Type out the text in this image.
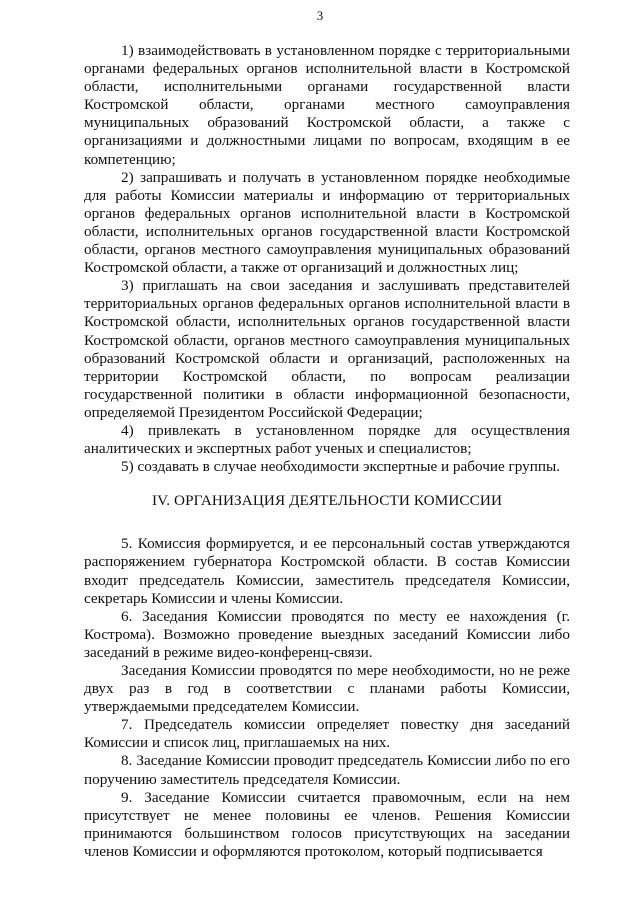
3

1) взаимодействовать в установленном порядке с территориальными органами федеральных органов исполнительной власти в Костромской области, исполнительными органами государственной власти Костромской области, органами местного самоуправления муниципальных образований Костромской области, а также с организациями и должностными лицами по вопросам, входящим в ее компетенцию;

2) запрашивать и получать в установленном порядке необходимые для работы Комиссии материалы и информацию от территориальных органов федеральных органов исполнительной власти в Костромской области, исполнительных органов государственной власти Костромской области, органов местного самоуправления муниципальных образований Костромской области, а также от организаций и должностных лиц;

3) приглашать на свои заседания и заслушивать представителей территориальных органов федеральных органов исполнительной власти в Костромской области, исполнительных органов государственной власти Костромской области, органов местного самоуправления муниципальных образований Костромской области и организаций, расположенных на территории Костромской области, по вопросам реализации государственной политики в области информационной безопасности, определяемой Президентом Российской Федерации;

4) привлекать в установленном порядке для осуществления аналитических и экспертных работ ученых и специалистов;

5) создавать в случае необходимости экспертные и рабочие группы.

IV. ОРГАНИЗАЦИЯ ДЕЯТЕЛЬНОСТИ КОМИССИИ

5. Комиссия формируется, и ее персональный состав утверждаются распоряжением губернатора Костромской области. В состав Комиссии входит председатель Комиссии, заместитель председателя Комиссии, секретарь Комиссии и члены Комиссии.

6. Заседания Комиссии проводятся по месту ее нахождения (г. Кострома). Возможно проведение выездных заседаний Комиссии либо заседаний в режиме видео-конференц-связи.

Заседания Комиссии проводятся по мере необходимости, но не реже двух раз в год в соответствии с планами работы Комиссии, утверждаемыми председателем Комиссии.

7. Председатель комиссии определяет повестку дня заседаний Комиссии и список лиц, приглашаемых на них.

8. Заседание Комиссии проводит председатель Комиссии либо по его поручению заместитель председателя Комиссии.

9. Заседание Комиссии считается правомочным, если на нем присутствует не менее половины ее членов. Решения Комиссии принимаются большинством голосов присутствующих на заседании членов Комиссии и оформляются протоколом, который подписывается
